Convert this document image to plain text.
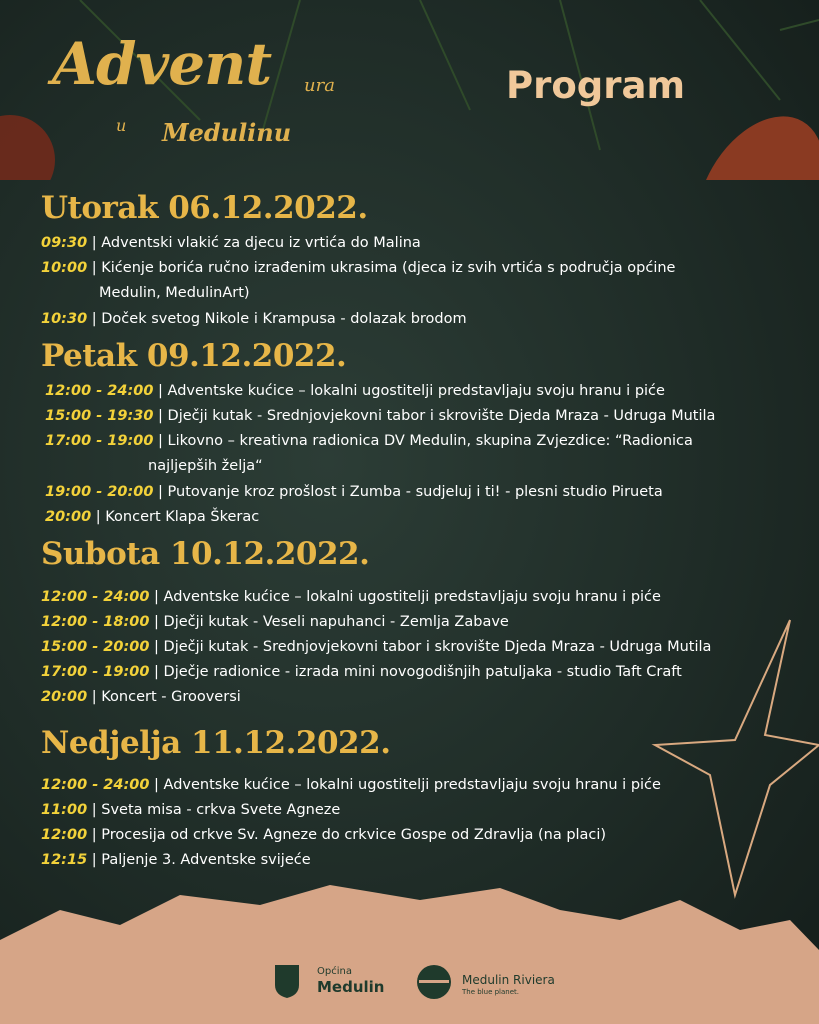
Advent ura
u Medulinu
Program
Utorak 06.12.2022.
09:30 | Adventski vlakić za djecu iz vrtića do Malina
10:00 | Kićenje borića ručno izrađenim ukrasima (djeca iz svih vrtića s područja općine
Medulin, MedulinArt)
10:30 | Doček svetog Nikole i Krampusa - dolazak brodom
Petak 09.12.2022.
12:00 - 24:00 | Adventske kućice – lokalni ugostitelji predstavljaju svoju hranu i piće
15:00 - 19:30 | Dječji kutak - Srednjovjekovni tabor i skrovište Djeda Mraza - Udruga Mutila
17:00 - 19:00 | Likovno – kreativna radionica DV Medulin, skupina Zvjezdice: “Radionica
najljepših želja“
19:00 - 20:00 | Putovanje kroz prošlost i Zumba - sudjeluj i ti! - plesni studio Pirueta
20:00 | Koncert Klapa Škerac
Subota 10.12.2022.
12:00 - 24:00 | Adventske kućice – lokalni ugostitelji predstavljaju svoju hranu i piće
12:00 - 18:00 | Dječji kutak - Veseli napuhanci - Zemlja Zabave
15:00 - 20:00 | Dječji kutak - Srednjovjekovni tabor i skrovište Djeda Mraza - Udruga Mutila
17:00 - 19:00 | Dječje radionice - izrada mini novogodišnjih patuljaka - studio Taft Craft
20:00 | Koncert - Grooversi
Nedjelja 11.12.2022.
12:00 - 24:00 | Adventske kućice – lokalni ugostitelji predstavljaju svoju hranu i piće
11:00 | Sveta misa - crkva Svete Agneze
12:00 | Procesija od crkve Sv. Agneze do crkvice Gospe od Zdravlja (na placi)
12:15 | Paljenje 3. Adventske svijeće
Općina
Medulin	Medulin Riviera
The blue planet.
